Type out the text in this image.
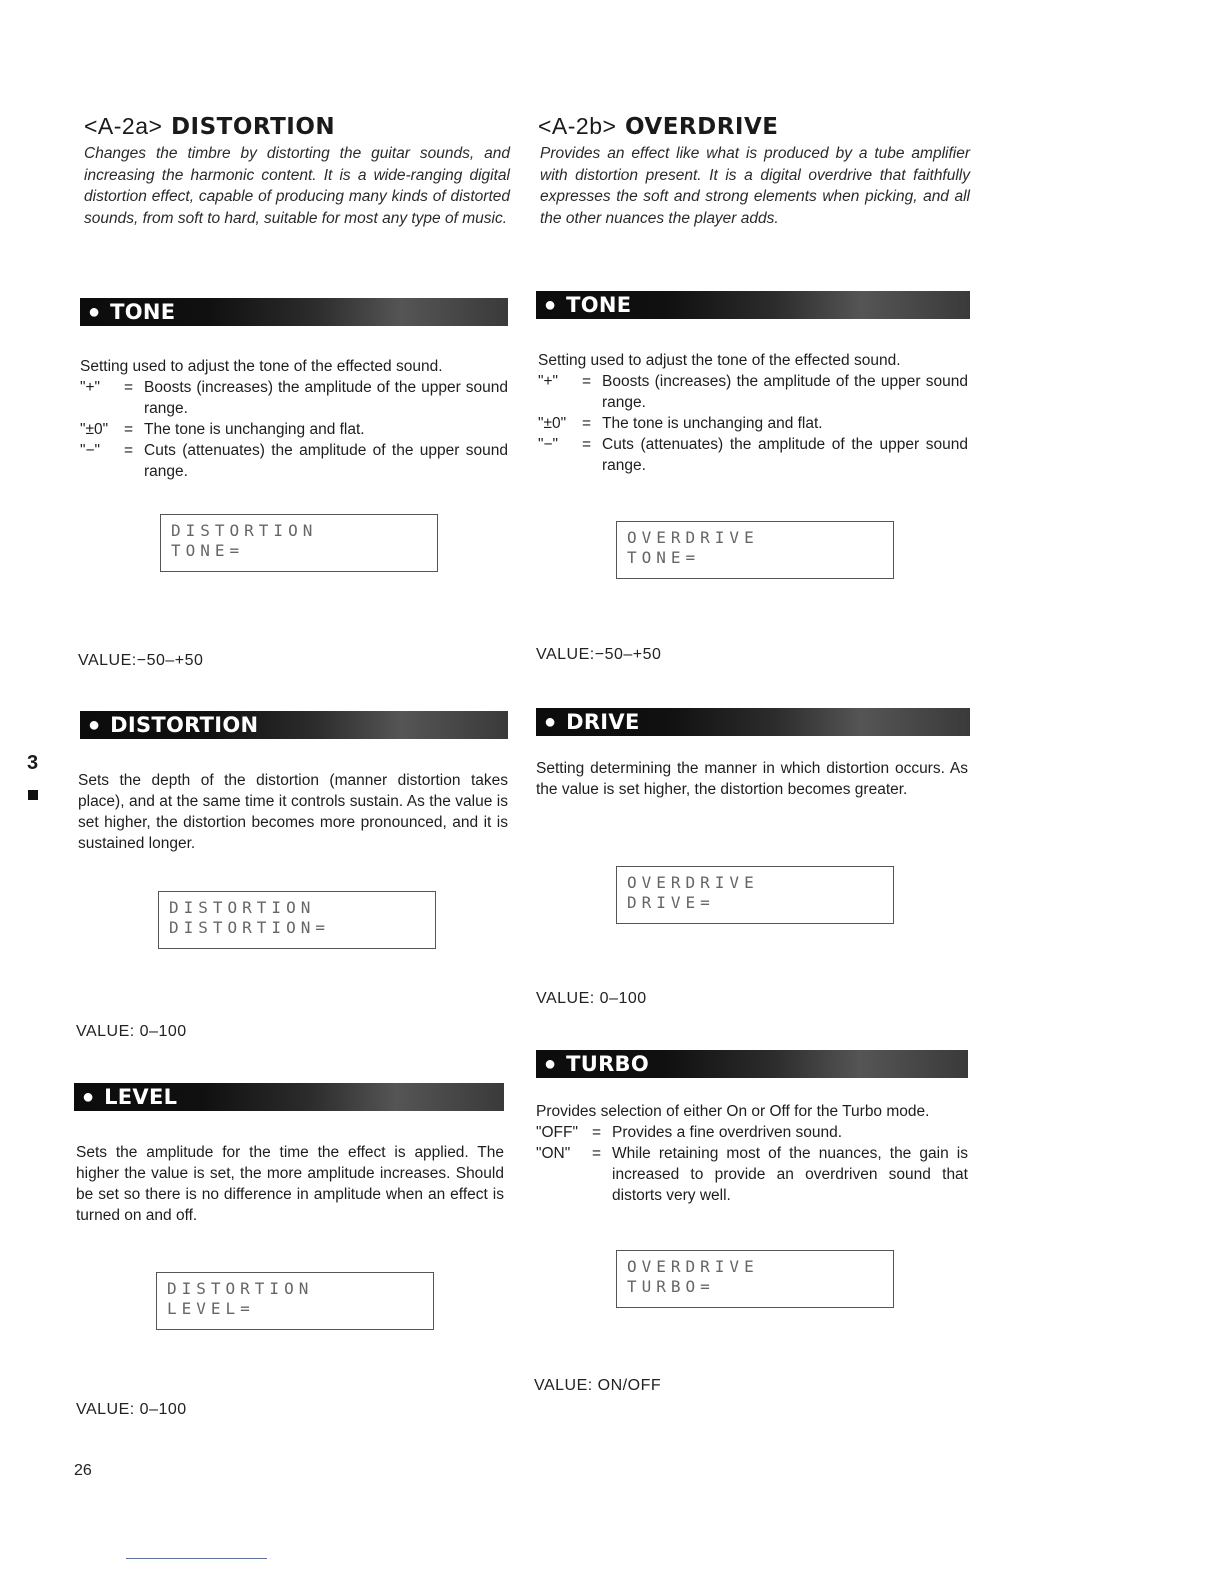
<A-2a> DISTORTION
Changes the timbre by distorting the guitar sounds, and increasing the harmonic content. It is a wide-ranging digital distortion effect, capable of producing many kinds of distorted sounds, from soft to hard, suitable for most any type of music.
● TONE

Setting used to adjust the tone of the effected sound.

"+"	= Boosts (increases) the amplitude of the upper sound range.
"±0"	= The tone is unchanging and flat.
"−"	= Cuts (attenuates) the amplitude of the upper sound range.
DISTORTION
TONE=
VALUE:−50–+50
● DISTORTION
Sets the depth of the distortion (manner distortion takes place), and at the same time it controls sustain. As the value is set higher, the distortion becomes more pronounced, and it is sustained longer.
DISTORTION
DISTORTION=
VALUE: 0–100
● LEVEL
Sets the amplitude for the time the effect is applied. The higher the value is set, the more amplitude increases. Should be set so there is no difference in amplitude when an effect is turned on and off.
DISTORTION
LEVEL=
VALUE: 0–100
<A-2b> OVERDRIVE
Provides an effect like what is produced by a tube amplifier with distortion present. It is a digital overdrive that faithfully expresses the soft and strong elements when picking, and all the other nuances the player adds.
● TONE

Setting used to adjust the tone of the effected sound.

"+"	= Boosts (increases) the amplitude of the upper sound range.
"±0"	= The tone is unchanging and flat.
"−"	= Cuts (attenuates) the amplitude of the upper sound range.
OVERDRIVE
TONE=
VALUE:−50–+50
● DRIVE
Setting determining the manner in which distortion occurs. As the value is set higher, the distortion becomes greater.
OVERDRIVE
DRIVE=
VALUE: 0–100
● TURBO

Provides selection of either On or Off for the Turbo mode.

"OFF" = Provides a fine overdriven sound.
"ON"	= While retaining most of the nuances, the gain is increased to provide an overdriven sound that distorts very well.
OVERDRIVE
TURBO=
VALUE: ON/OFF
3
26
